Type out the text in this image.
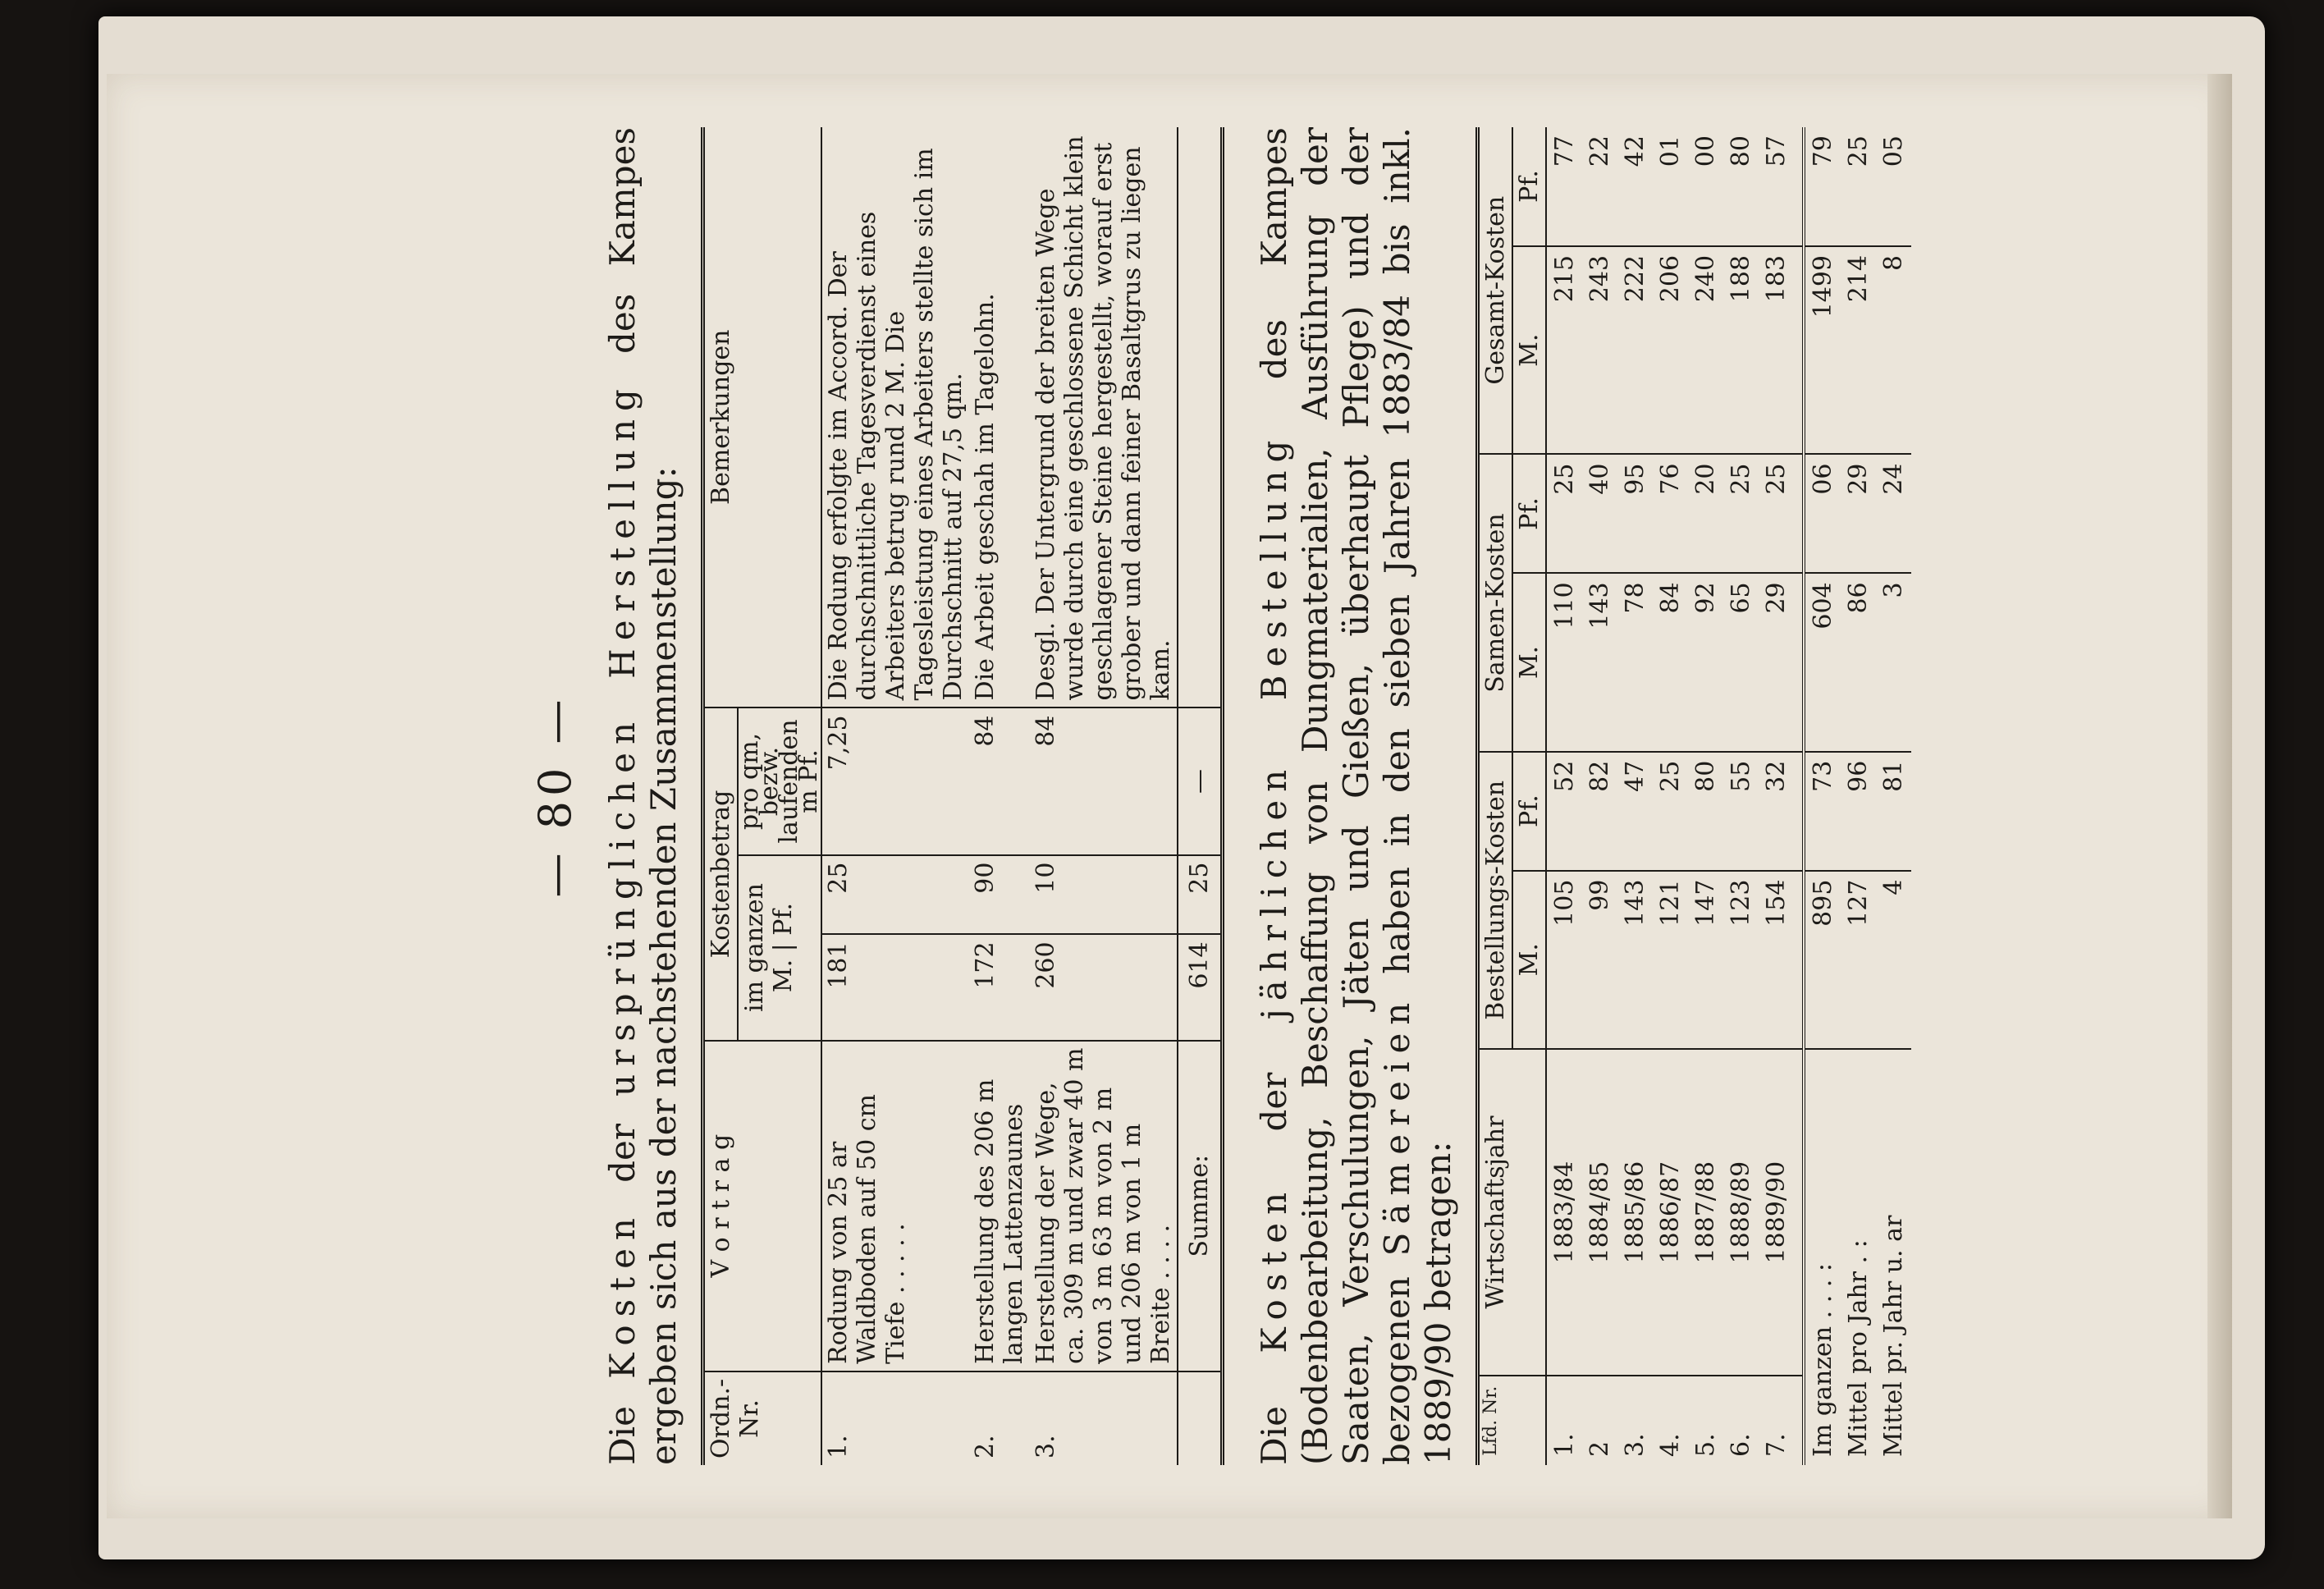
— 80 —

Die Kosten der ursprünglichen Herstellung des Kampes ergeben sich aus der nachstehenden Zusammenstellung: Ordn.-Nr.	V o r t r a g	Kostenbetrag			Bemerkungen
		im ganzen
M. | Pf.		pro qm, bezw. laufenden m Pf.	
1.	Rodung von 25 ar Waldboden auf 50 cm Tiefe . . . . .	181	25	7,25	Die Rodung erfolgte im Accord. Der durchschnittliche Tagesverdienst eines Arbeiters betrug rund 2 M. Die Tagesleistung eines Arbeiters stellte sich im Durchschnitt auf 27,5 qm.
2.	Herstellung des 206 m langen Lattenzaunes	172	90	84	Die Arbeit geschah im Tagelohn.
3.	Herstellung der Wege, ca. 309 m und zwar 40 m von 3 m 63 m von 2 m und 206 m von 1 m Breite . . . .	260	10	84	Desgl. Der Untergrund der breiten Wege wurde durch eine geschlossene Schicht klein geschlagener Steine hergestellt, worauf erst grober und dann feiner Basaltgrus zu liegen kam.
	Summe:	614	25	—	

Die Kosten der jährlichen Bestellung des Kampes (Bodenbearbeitung, Beschaffung von Dungmaterialien, Ausführung der Saaten, Verschulungen, Jäten und Gießen, überhaupt Pflege) und der bezogenen Sämereien haben in den sieben Jahren 1883/84 bis inkl. 1889/90 betragen: Lfd. Nr.	Wirtschaftsjahr	Bestellungs-Kosten		Samen-Kosten		Gesamt-Kosten	
		M.	Pf.	M.	Pf.	M.	Pf.
1.	1883/84	105	52	110	25	215	77
2	1884/85	99	82	143	40	243	22
3.	1885/86	143	47	78	95	222	42
4.	1886/87	121	25	84	76	206	01
5.	1887/88	147	80	92	20	240	00
6.	1888/89	123	55	65	25	188	80
7.	1889/90	154	32	29	25	183	57
Im ganzen . . . :		895	73	604	06	1499	79
Mittel pro Jahr . :		127	96	86	29	214	25
Mittel pr. Jahr u. ar		4	81	3	24	8	05
